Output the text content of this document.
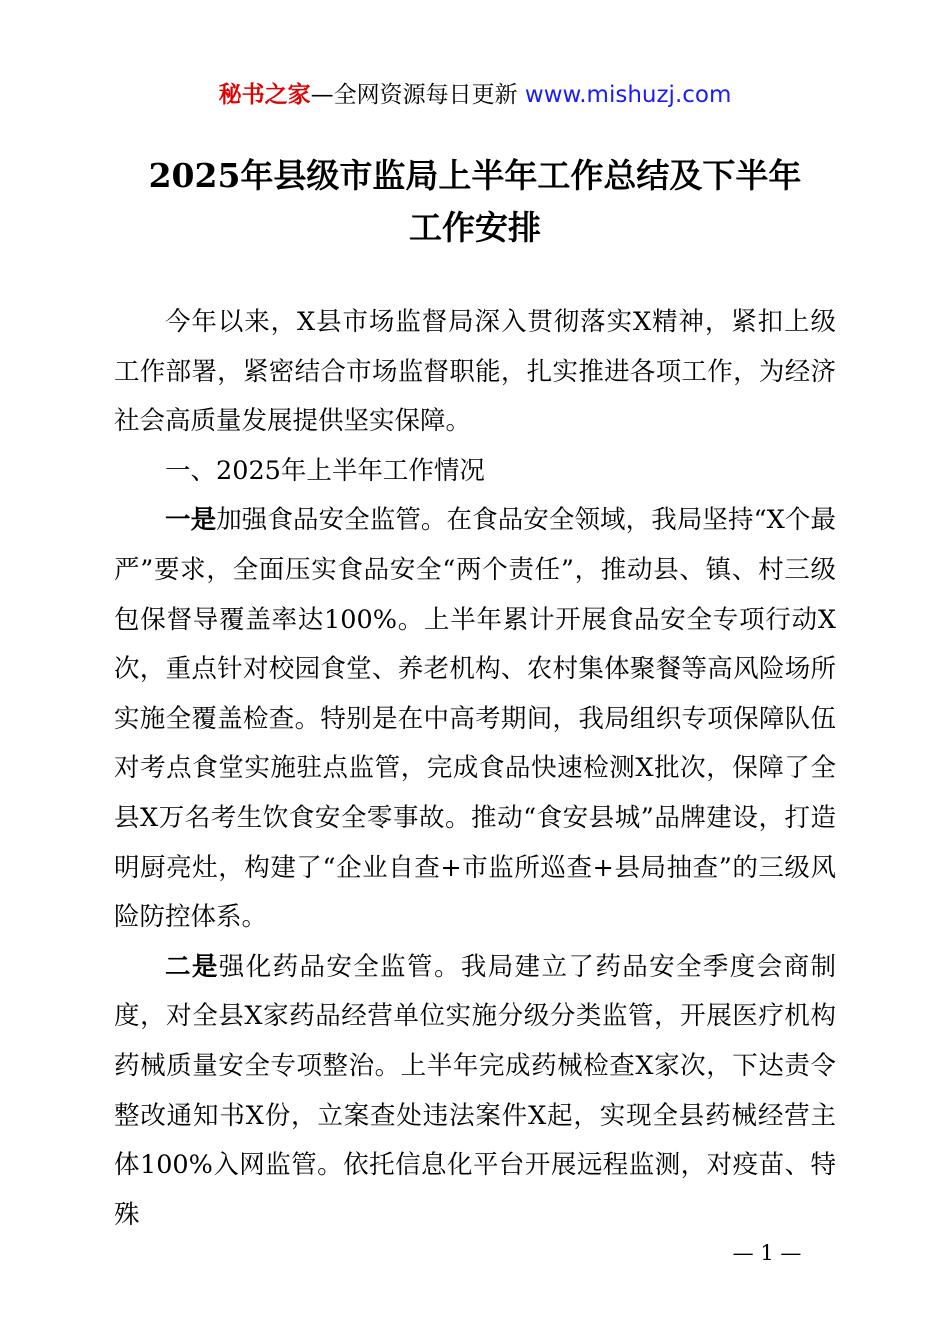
秘书之家—全网资源每日更新 www.mishuzj.com
2025年县级市监局上半年工作总结及下半年
工作安排

今年以来，X县市场监督局深入贯彻落实X精神，紧扣上级工作部署，紧密结合市场监督职能，扎实推进各项工作，为经济社会高质量发展提供坚实保障。

一、2025年上半年工作情况

一是加强食品安全监管。在食品安全领域，我局坚持“X个最严”要求，全面压实食品安全“两个责任”，推动县、镇、村三级包保督导覆盖率达100%。上半年累计开展食品安全专项行动X次，重点针对校园食堂、养老机构、农村集体聚餐等高风险场所实施全覆盖检查。特别是在中高考期间，我局组织专项保障队伍对考点食堂实施驻点监管，完成食品快速检测X批次，保障了全县X万名考生饮食安全零事故。推动“食安县城”品牌建设，打造明厨亮灶，构建了“企业自查+市监所巡查+县局抽查”的三级风险防控体系。

二是强化药品安全监管。我局建立了药品安全季度会商制度，对全县X家药品经营单位实施分级分类监管，开展医疗机构药械质量安全专项整治。上半年完成药械检查X家次，下达责令整改通知书X份，立案查处违法案件X起，实现全县药械经营主体100%入网监管。依托信息化平台开展远程监测，对疫苗、特殊

— 1 —
